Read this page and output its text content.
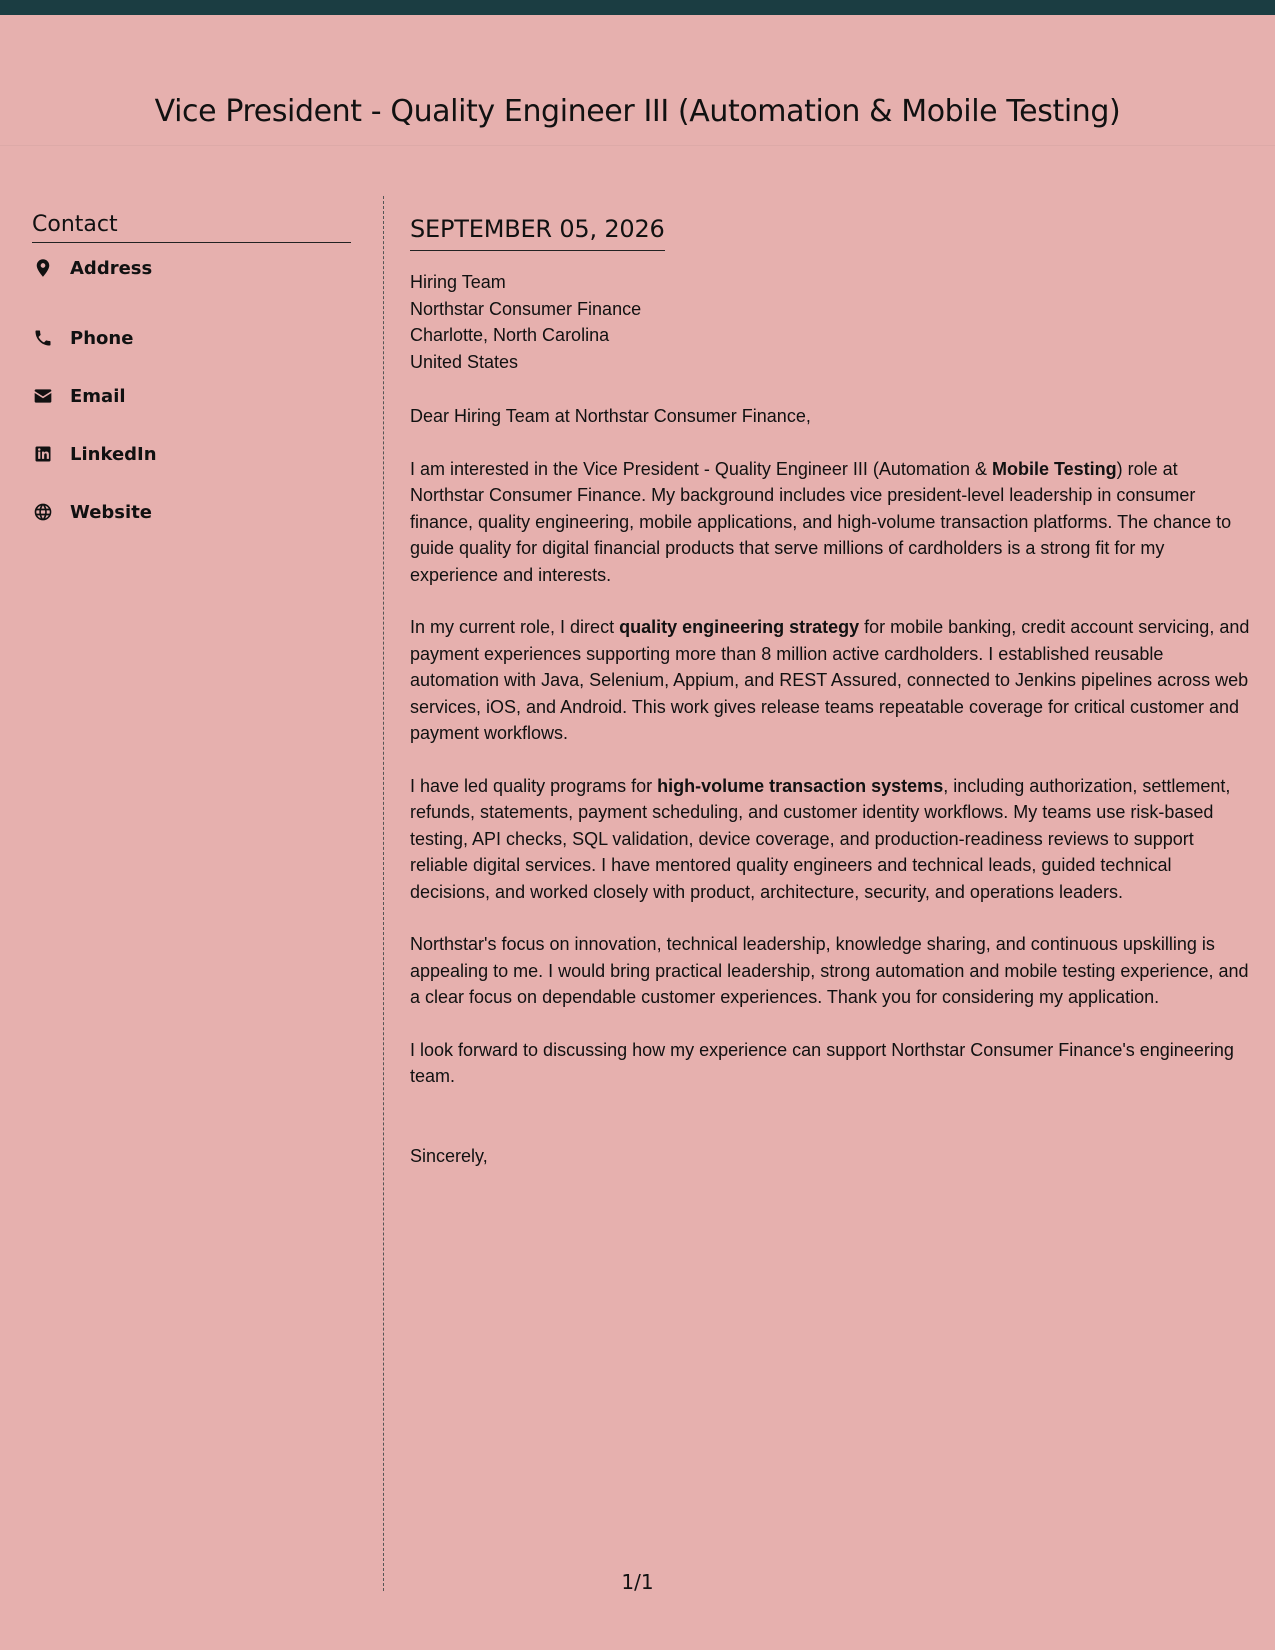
Vice President - Quality Engineer III (Automation & Mobile Testing)
Contact
Address
Phone
Email
LinkedIn
Website
SEPTEMBER 05, 2026
Hiring Team
Northstar Consumer Finance
Charlotte, North Carolina
United States
Dear Hiring Team at Northstar Consumer Finance,
I am interested in the Vice President - Quality Engineer III (Automation & Mobile Testing) role at Northstar Consumer Finance. My background includes vice president-level leadership in consumer finance, quality engineering, mobile applications, and high-volume transaction platforms. The chance to guide quality for digital financial products that serve millions of cardholders is a strong fit for my experience and interests.
In my current role, I direct quality engineering strategy for mobile banking, credit account servicing, and payment experiences supporting more than 8 million active cardholders. I established reusable automation with Java, Selenium, Appium, and REST Assured, connected to Jenkins pipelines across web services, iOS, and Android. This work gives release teams repeatable coverage for critical customer and payment workflows.
I have led quality programs for high-volume transaction systems, including authorization, settlement, refunds, statements, payment scheduling, and customer identity workflows. My teams use risk-based testing, API checks, SQL validation, device coverage, and production-readiness reviews to support reliable digital services. I have mentored quality engineers and technical leads, guided technical decisions, and worked closely with product, architecture, security, and operations leaders.
Northstar's focus on innovation, technical leadership, knowledge sharing, and continuous upskilling is appealing to me. I would bring practical leadership, strong automation and mobile testing experience, and a clear focus on dependable customer experiences. Thank you for considering my application.
I look forward to discussing how my experience can support Northstar Consumer Finance's engineering team.
Sincerely,
1/1
